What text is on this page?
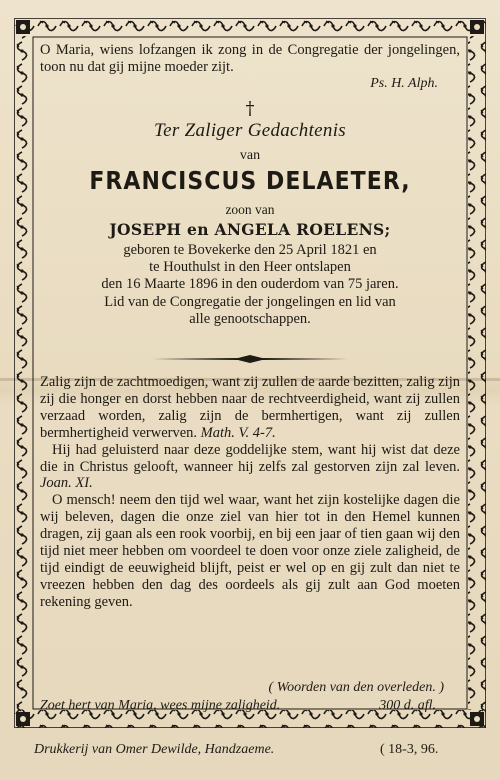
O Maria, wiens lofzangen ik zong in de Congregatie der jongelingen, toon nu dat gij mijne moeder zijt.
Ps. H. Alph.
†
Ter Zaliger Gedachtenis
van
FRANCISCUS DELAETER,
zoon van
JOSEPH en ANGELA ROELENS;
geboren te Bovekerke den 25 April 1821 en
te Houthulst in den Heer ontslapen
den 16 Maarte 1896 in den ouderdom van 75 jaren.
Lid van de Congregatie der jongelingen en lid van
alle genootschappen.

Zalig zijn de zachtmoedigen, want zij zullen de aarde bezitten, zalig zijn zij die honger en dorst hebben naar de rechtveerdigheid, want zij zullen verzaad worden, zalig zijn de bermhertigen, want zij zullen bermhertigheid verwerven. Math. V. 4-7.

Hij had geluisterd naar deze goddelijke stem, want hij wist dat deze die in Christus gelooft, wanneer hij zelfs zal gestorven zijn zal leven. Joan. XI.

O mensch! neem den tijd wel waar, want het zijn kostelijke dagen die wij beleven, dagen die onze ziel van hier tot in den Hemel kunnen dragen, zij gaan als een rook voorbij, en bij een jaar of tien gaan wij den tijd niet meer hebben om voordeel te doen voor onze ziele zaligheid, de tijd eindigt de eeuwigheid blijft, peist er wel op en gij zult dan niet te vreezen hebben den dag des oordeels als gij zult aan God moeten rekening geven.

( Woorden van den overleden. )
Zoet hert van Maria, wees mijne zaligheid.	300 d. afl.
Drukkerij van Omer Dewilde, Handzaeme.	( 18-3, 96.
